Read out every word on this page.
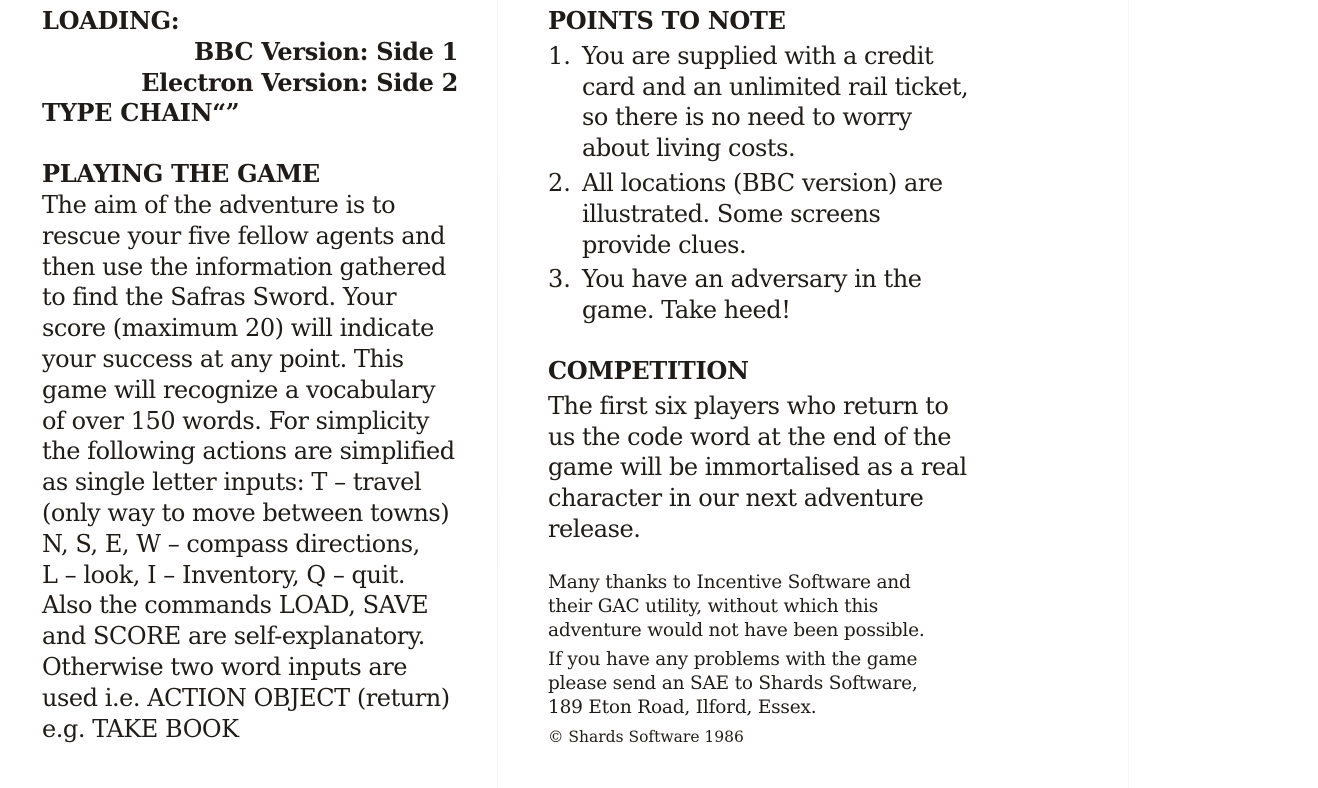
LOADING:
BBC Version: Side 1
Electron Version: Side 2
TYPE CHAIN“”
PLAYING THE GAME
The aim of the adventure is to
rescue your five fellow agents and
then use the information gathered
to find the Safras Sword. Your
score (maximum 20) will indicate
your success at any point. This
game will recognize a vocabulary
of over 150 words. For simplicity
the following actions are simplified
as single letter inputs: T – travel
(only way to move between towns)
N, S, E, W – compass directions,
L – look, I – Inventory, Q – quit.
Also the commands LOAD, SAVE
and SCORE are self-explanatory.
Otherwise two word inputs are
used i.e. ACTION OBJECT (return)
e.g. TAKE BOOK
POINTS TO NOTE
1. You are supplied with a credit
card and an unlimited rail ticket,
so there is no need to worry
about living costs.
2. All locations (BBC version) are
illustrated. Some screens
provide clues.
3. You have an adversary in the
game. Take heed!
COMPETITION
The first six players who return to
us the code word at the end of the
game will be immortalised as a real
character in our next adventure
release.
Many thanks to Incentive Software and
their GAC utility, without which this
adventure would not have been possible.
If you have any problems with the game
please send an SAE to Shards Software,
189 Eton Road, Ilford, Essex.
© Shards Software 1986
